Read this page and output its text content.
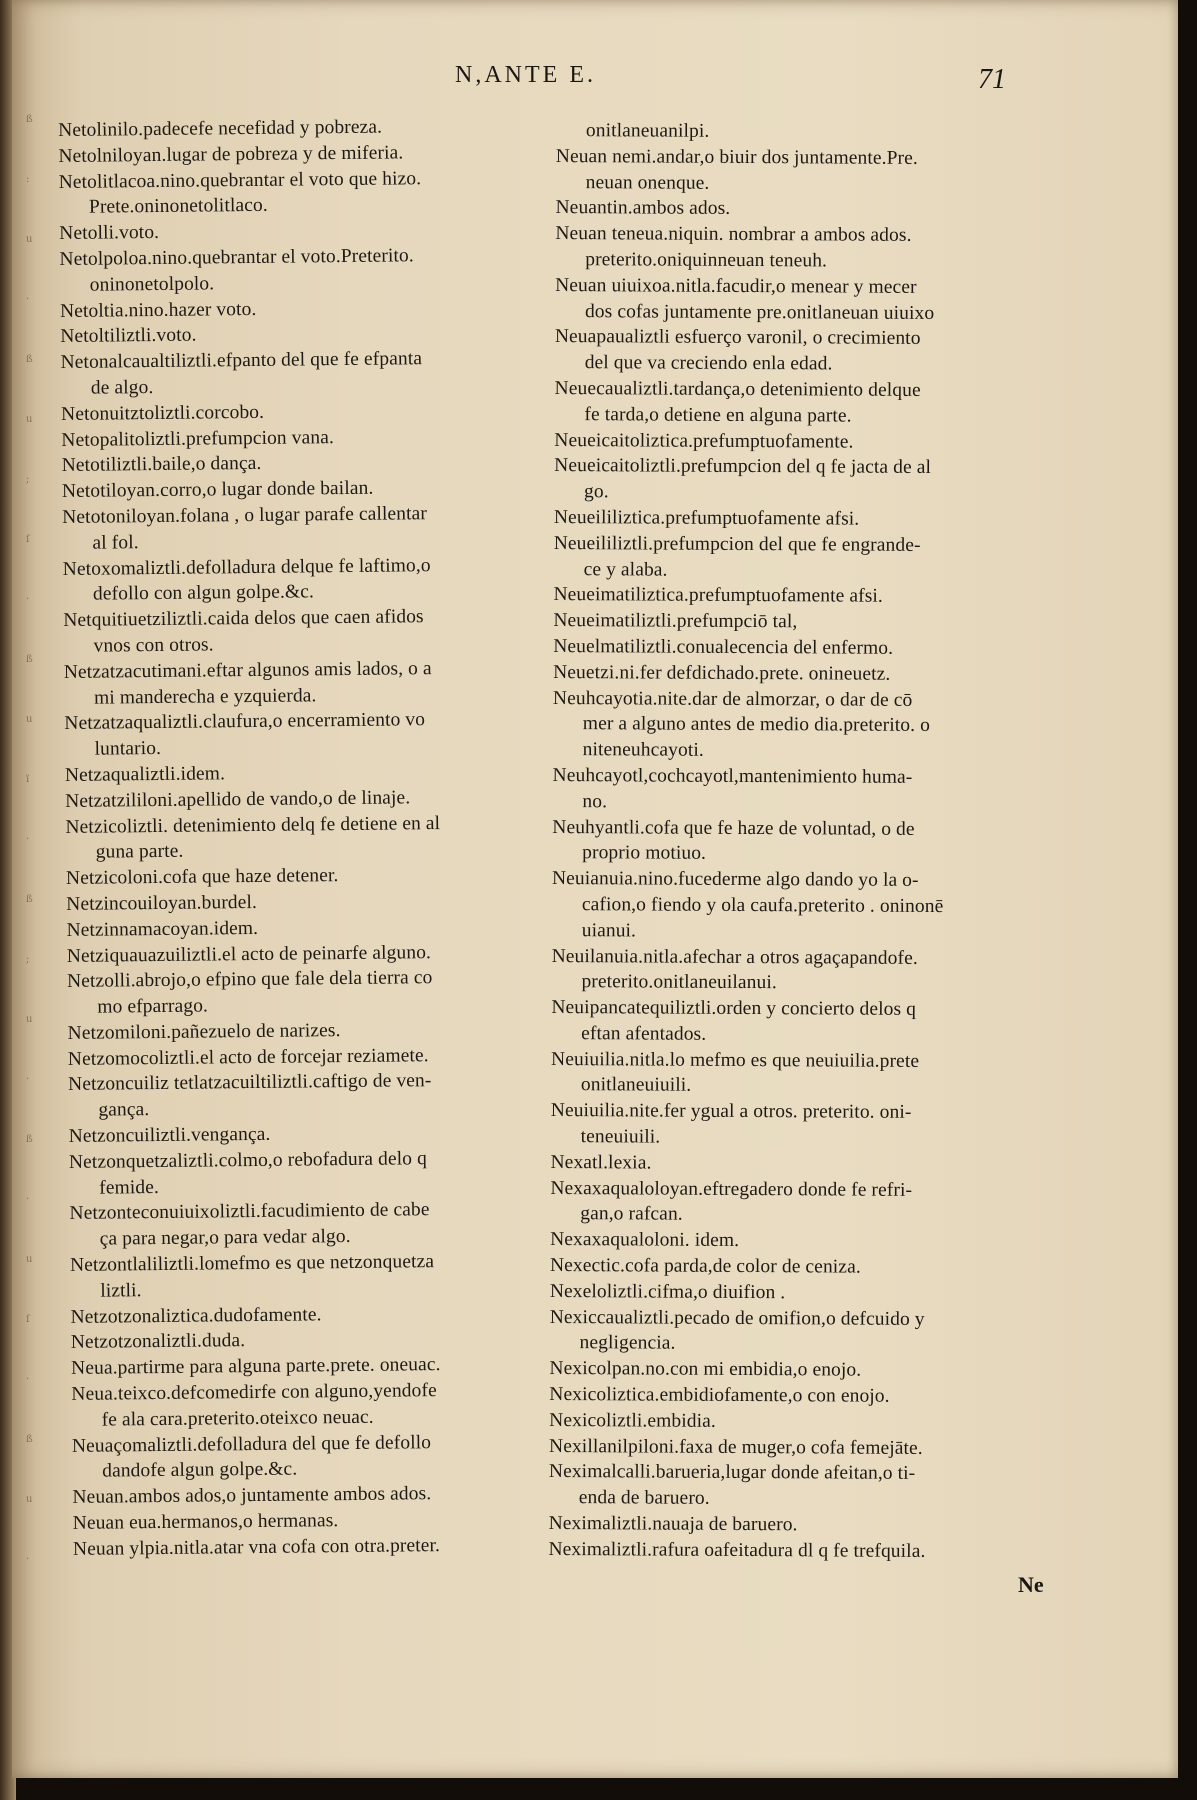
ß
:
u
·
ß
u
;
ſ
·
ß
u
ï
·
ß
;
u
·
ß
·
u
ſ
·
ß
u
·
N,ANTE E.	71
Netolinilo.padecefe necefidad y pobreza.
Netolniloyan.lugar de pobreza y de miferia.
Netolitlacoa.nino.quebrantar el voto que hizo.
Prete.oninonetolitlaco.
Netolli.voto.
Netolpoloa.nino.quebrantar el voto.Preterito.
oninonetolpolo.
Netoltia.nino.hazer voto.
Netoltiliztli.voto.
Netonalcaualtiliztli.efpanto del que fe efpanta
de algo.
Netonuitztoliztli.corcobo.
Netopalitoliztli.prefumpcion vana.
Netotiliztli.baile,o dança.
Netotiloyan.corro,o lugar donde bailan.
Netotoniloyan.folana , o lugar parafe callentar
al fol.
Netoxomaliztli.defolladura delque fe laftimo,o
defollo con algun golpe.&c.
Netquitiuetziliztli.caida delos que caen afidos
vnos con otros.
Netzatzacutimani.eftar algunos amis lados, o a
mi manderecha e yzquierda.
Netzatzaqualiztli.claufura,o encerramiento vo
luntario.
Netzaqualiztli.idem.
Netzatzililoni.apellido de vando,o de linaje.
Netzicoliztli. detenimiento delq fe detiene en al
guna parte.
Netzicoloni.cofa que haze detener.
Netzincouiloyan.burdel.
Netzinnamacoyan.idem.
Netziquauazuiliztli.el acto de peinarfe alguno.
Netzolli.abrojo,o efpino que fale dela tierra co
mo efparrago.
Netzomiloni.pañezuelo de narizes.
Netzomocoliztli.el acto de forcejar reziamete.
Netzoncuiliz tetlatzacuiltiliztli.caftigo de ven-
gança.
Netzoncuiliztli.vengança.
Netzonquetzaliztli.colmo,o rebofadura delo q
femide.
Netzonteconuiuixoliztli.facudimiento de cabe
ça para negar,o para vedar algo.
Netzontlaliliztli.lomefmo es que netzonquetza
liztli.
Netzotzonaliztica.dudofamente.
Netzotzonaliztli.duda.
Neua.partirme para alguna parte.prete. oneuac.
Neua.teixco.defcomedirfe con alguno,yendofe
fe ala cara.preterito.oteixco neuac.
Neuaçomaliztli.defolladura del que fe defollo
dandofe algun golpe.&c.
Neuan.ambos ados,o juntamente ambos ados.
Neuan eua.hermanos,o hermanas.
Neuan ylpia.nitla.atar vna cofa con otra.preter.
onitlaneuanilpi.
Neuan nemi.andar,o biuir dos juntamente.Pre.
neuan onenque.
Neuantin.ambos ados.
Neuan teneua.niquin. nombrar a ambos ados.
preterito.oniquinneuan teneuh.
Neuan uiuixoa.nitla.facudir,o menear y mecer
dos cofas juntamente pre.onitlaneuan uiuixo
Neuapaualiztli esfuerço varonil, o crecimiento
del que va creciendo enla edad.
Neuecaualiztli.tardança,o detenimiento delque
fe tarda,o detiene en alguna parte.
Neueicaitoliztica.prefumptuofamente.
Neueicaitoliztli.prefumpcion del q fe jacta de al
go.
Neueililiztica.prefumptuofamente afsi.
Neueililiztli.prefumpcion del que fe engrande-
ce y alaba.
Neueimatiliztica.prefumptuofamente afsi.
Neueimatiliztli.prefumpciō tal,
Neuelmatiliztli.conualecencia del enfermo.
Neuetzi.ni.fer defdichado.prete. onineuetz.
Neuhcayotia.nite.dar de almorzar, o dar de cō
mer a alguno antes de medio dia.preterito. o
niteneuhcayoti.
Neuhcayotl,cochcayotl,mantenimiento huma-
no.
Neuhyantli.cofa que fe haze de voluntad, o de
proprio motiuo.
Neuianuia.nino.fucederme algo dando yo la o-
cafion,o fiendo y ola caufa.preterito . oninonē
uianui.
Neuilanuia.nitla.afechar a otros agaçapandofe.
preterito.onitlaneuilanui.
Neuipancatequiliztli.orden y concierto delos q
eftan afentados.
Neuiuilia.nitla.lo mefmo es que neuiuilia.prete
onitlaneuiuili.
Neuiuilia.nite.fer ygual a otros. preterito. oni-
teneuiuili.
Nexatl.lexia.
Nexaxaqualoloyan.eftregadero donde fe refri-
gan,o rafcan.
Nexaxaqualoloni. idem.
Nexectic.cofa parda,de color de ceniza.
Nexeloliztli.cifma,o diuifion .
Nexiccaualiztli.pecado de omifion,o defcuido y
negligencia.
Nexicolpan.no.con mi embidia,o enojo.
Nexicoliztica.embidiofamente,o con enojo.
Nexicoliztli.embidia.
Nexillanilpiloni.faxa de muger,o cofa femejāte.
Neximalcalli.barueria,lugar donde afeitan,o ti-
enda de baruero.
Neximaliztli.nauaja de baruero.
Neximaliztli.rafura oafeitadura dl q fe trefquila.
Ne
